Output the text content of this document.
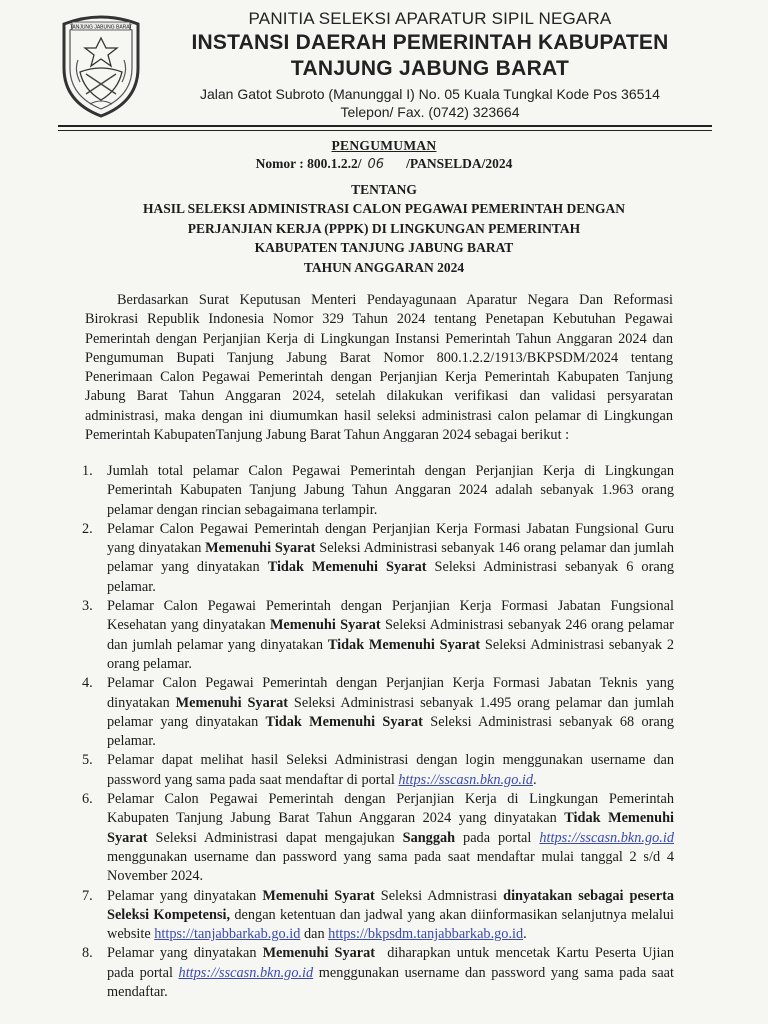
TANJUNG JABUNG BARAT	PANITIA SELEKSI APARATUR SIPIL NEGARA
INSTANSI DAERAH PEMERINTAH KABUPATEN
TANJUNG JABUNG BARAT
Jalan Gatot Subroto (Manunggal I) No. 05 Kuala Tungkal Kode Pos 36514
Telepon/ Fax. (0742) 323664
PENGUMUMAN
Nomor : 800.1.2.2/ 06 /PANSELDA/2024
TENTANG
HASIL SELEKSI ADMINISTRASI CALON PEGAWAI PEMERINTAH DENGAN
PERJANJIAN KERJA (PPPK) DI LINGKUNGAN PEMERINTAH
KABUPATEN TANJUNG JABUNG BARAT
TAHUN ANGGARAN 2024
Berdasarkan Surat Keputusan Menteri Pendayagunaan Aparatur Negara Dan Reformasi Birokrasi Republik Indonesia Nomor 329 Tahun 2024 tentang Penetapan Kebutuhan Pegawai Pemerintah dengan Perjanjian Kerja di Lingkungan Instansi Pemerintah Tahun Anggaran 2024 dan Pengumuman Bupati Tanjung Jabung Barat Nomor 800.1.2.2/1913/BKPSDM/2024 tentang Penerimaan Calon Pegawai Pemerintah dengan Perjanjian Kerja Pemerintah Kabupaten Tanjung Jabung Barat Tahun Anggaran 2024, setelah dilakukan verifikasi dan validasi persyaratan administrasi, maka dengan ini diumumkan hasil seleksi administrasi calon pelamar di Lingkungan Pemerintah KabupatenTanjung Jabung Barat Tahun Anggaran 2024 sebagai berikut :
1. Jumlah total pelamar Calon Pegawai Pemerintah dengan Perjanjian Kerja di Lingkungan Pemerintah Kabupaten Tanjung Jabung Tahun Anggaran 2024 adalah sebanyak 1.963 orang pelamar dengan rincian sebagaimana terlampir.
2. Pelamar Calon Pegawai Pemerintah dengan Perjanjian Kerja Formasi Jabatan Fungsional Guru yang dinyatakan Memenuhi Syarat Seleksi Administrasi sebanyak 146 orang pelamar dan jumlah pelamar yang dinyatakan Tidak Memenuhi Syarat Seleksi Administrasi sebanyak 6 orang pelamar.
3. Pelamar Calon Pegawai Pemerintah dengan Perjanjian Kerja Formasi Jabatan Fungsional Kesehatan yang dinyatakan Memenuhi Syarat Seleksi Administrasi sebanyak 246 orang pelamar dan jumlah pelamar yang dinyatakan Tidak Memenuhi Syarat Seleksi Administrasi sebanyak 2 orang pelamar.
4. Pelamar Calon Pegawai Pemerintah dengan Perjanjian Kerja Formasi Jabatan Teknis yang dinyatakan Memenuhi Syarat Seleksi Administrasi sebanyak 1.495 orang pelamar dan jumlah pelamar yang dinyatakan Tidak Memenuhi Syarat Seleksi Administrasi sebanyak 68 orang pelamar.
5. Pelamar dapat melihat hasil Seleksi Administrasi dengan login menggunakan username dan password yang sama pada saat mendaftar di portal https://sscasn.bkn.go.id.
6. Pelamar Calon Pegawai Pemerintah dengan Perjanjian Kerja di Lingkungan Pemerintah Kabupaten Tanjung Jabung Barat Tahun Anggaran 2024 yang dinyatakan Tidak Memenuhi Syarat Seleksi Administrasi dapat mengajukan Sanggah pada portal https://sscasn.bkn.go.id menggunakan username dan password yang sama pada saat mendaftar mulai tanggal 2 s/d 4 November 2024.
7. Pelamar yang dinyatakan Memenuhi Syarat Seleksi Admnistrasi dinyatakan sebagai peserta Seleksi Kompetensi, dengan ketentuan dan jadwal yang akan diinformasikan selanjutnya melalui website https://tanjabbarkab.go.id dan https://bkpsdm.tanjabbarkab.go.id.
8. Pelamar yang dinyatakan Memenuhi Syarat  diharapkan untuk mencetak Kartu Peserta Ujian pada portal https://sscasn.bkn.go.id menggunakan username dan password yang sama pada saat mendaftar.
